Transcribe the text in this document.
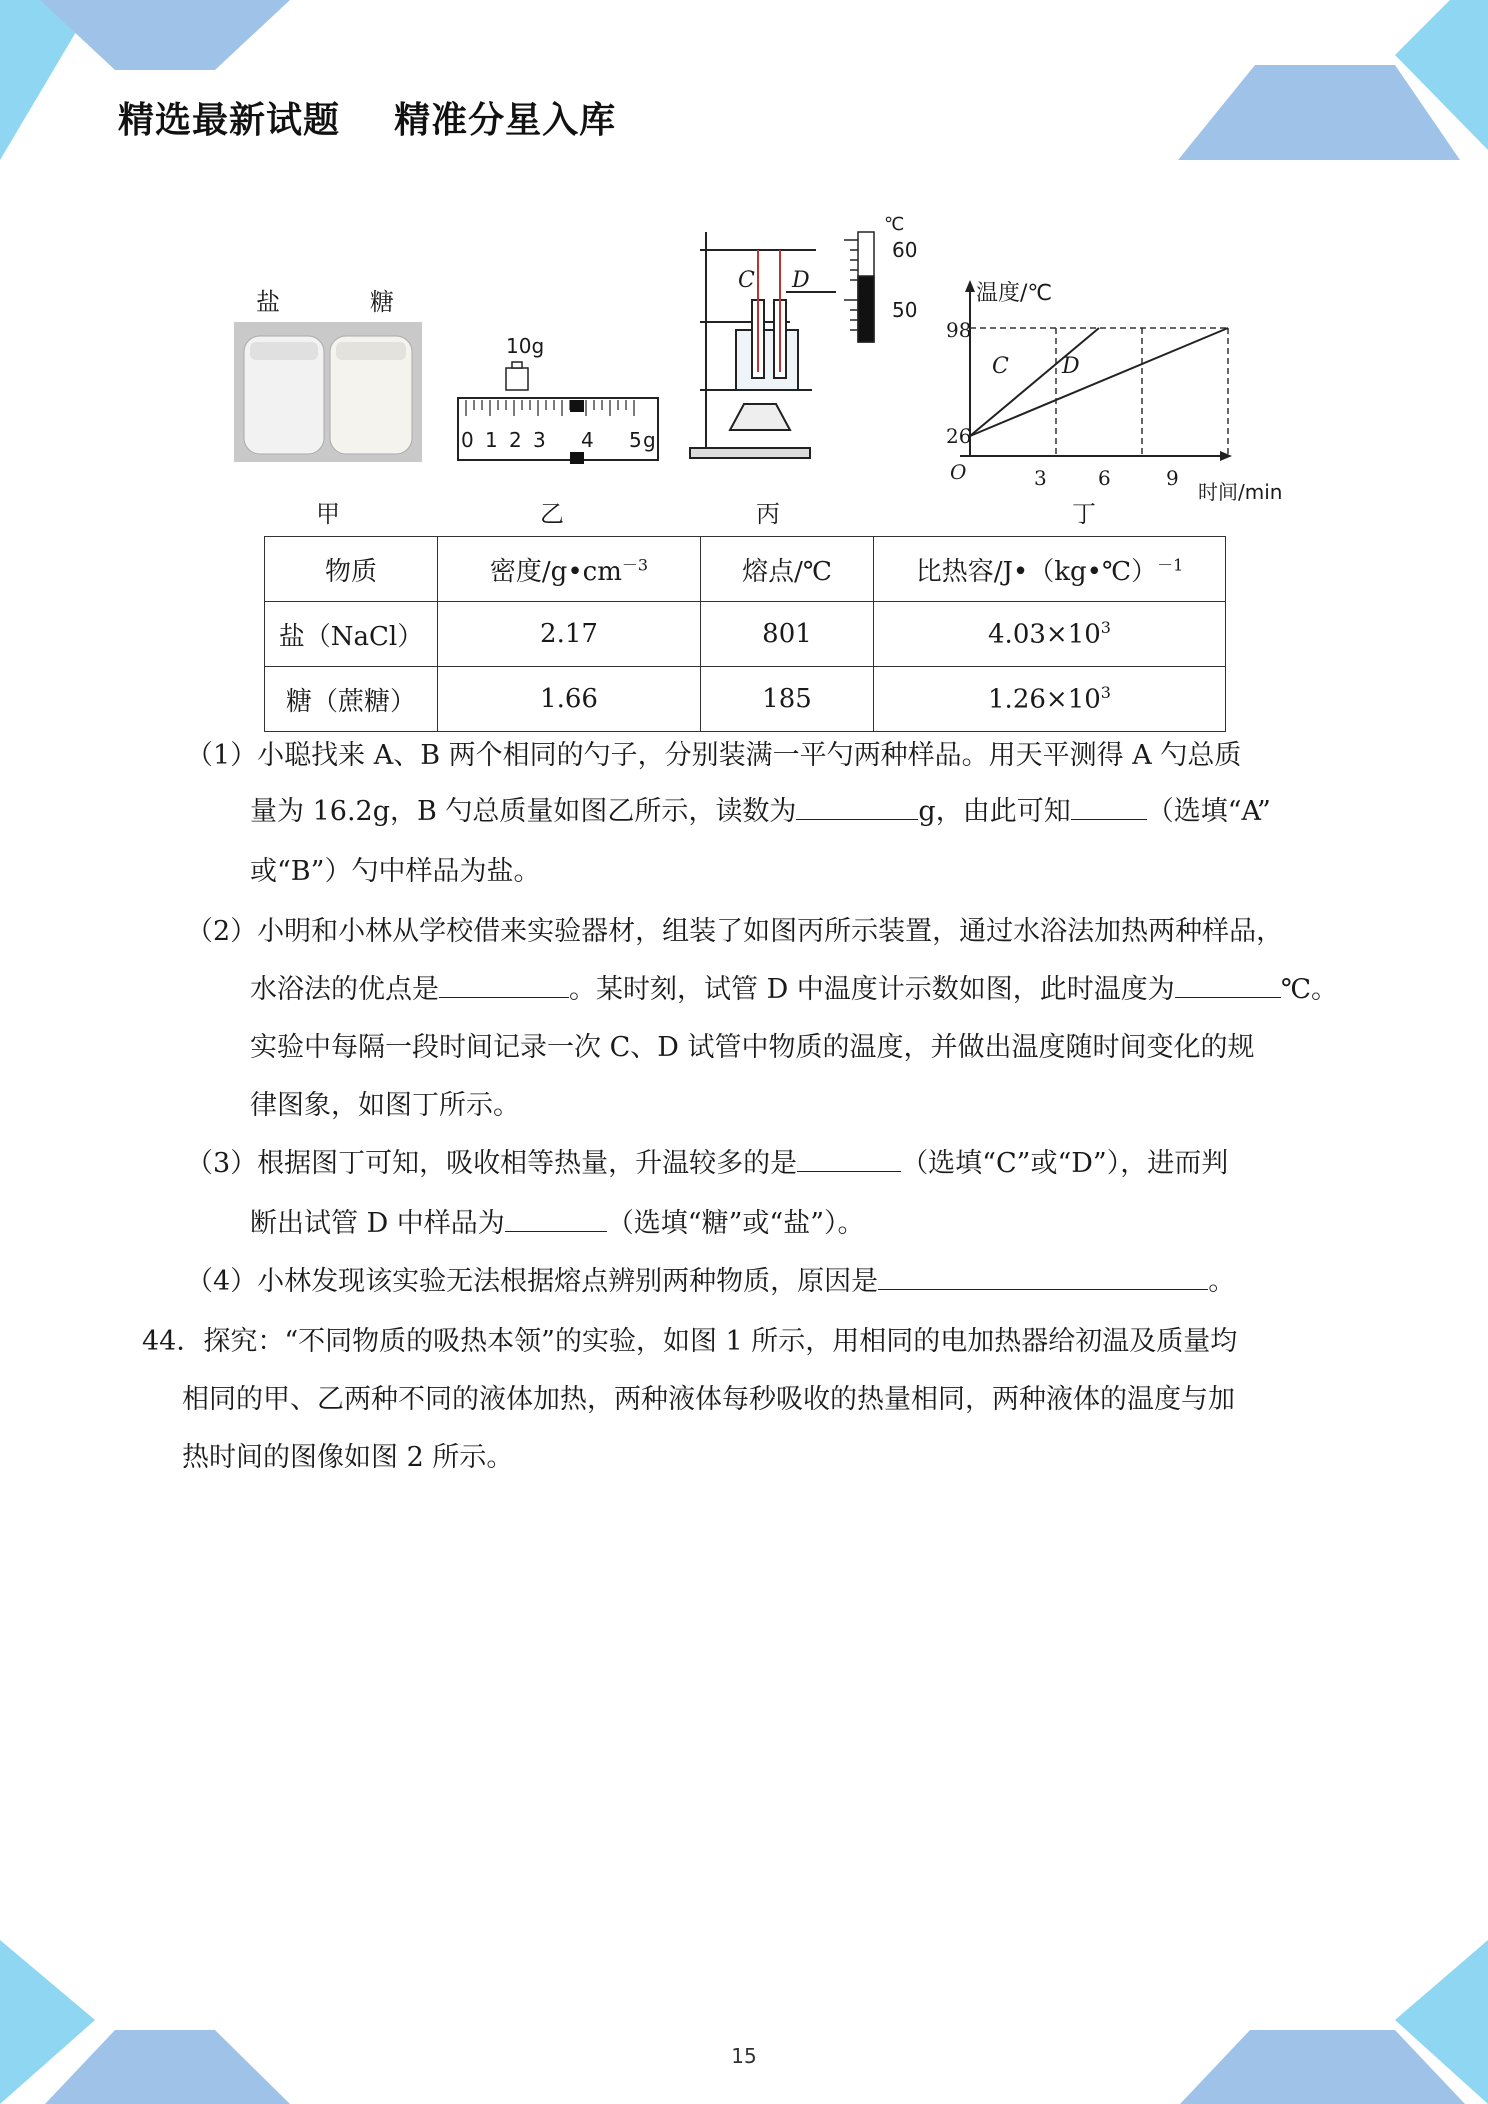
精选最新试题    精准分星入库
盐	糖
10g
0 1 2 3 4 5 g
C D
℃
60
50
温度/℃
时间/min
O
98
26
3	6	9
C D
甲	乙	丙	丁
物质	密度$/g•cm^{-3}$	熔点/℃	比热容/J•（kg•℃）$^{-1}$
盐（NaCl）	2.17	801	$4.03\times 10^3$
糖（蔗糖）	1.66	185	$1.26\times 10^3$
（1）小聪找来 A、B 两个相同的勺子，分别装满一平勺两种样品。用天平测得 A 勺总质
量为 16.2g，B 勺总质量如图乙所示，读数为	g，由此可知	（选填“A”
或“B”）勺中样品为盐。
（2）小明和小林从学校借来实验器材，组装了如图丙所示装置，通过水浴法加热两种样品，
水浴法的优点是	。某时刻，试管 D 中温度计示数如图，此时温度为	℃。
实验中每隔一段时间记录一次 C、D 试管中物质的温度，并做出温度随时间变化的规
律图象，如图丁所示。
（3）根据图丁可知，吸收相等热量，升温较多的是	（选填“C”或“D”），进而判
断出试管 D 中样品为	（选填“糖”或“盐”）。
（4）小林发现该实验无法根据熔点辨别两种物质，原因是	。
44．探究：“不同物质的吸热本领”的实验，如图 1 所示，用相同的电加热器给初温及质量均
相同的甲、乙两种不同的液体加热，两种液体每秒吸收的热量相同，两种液体的温度与加
热时间的图像如图 2 所示。
15
